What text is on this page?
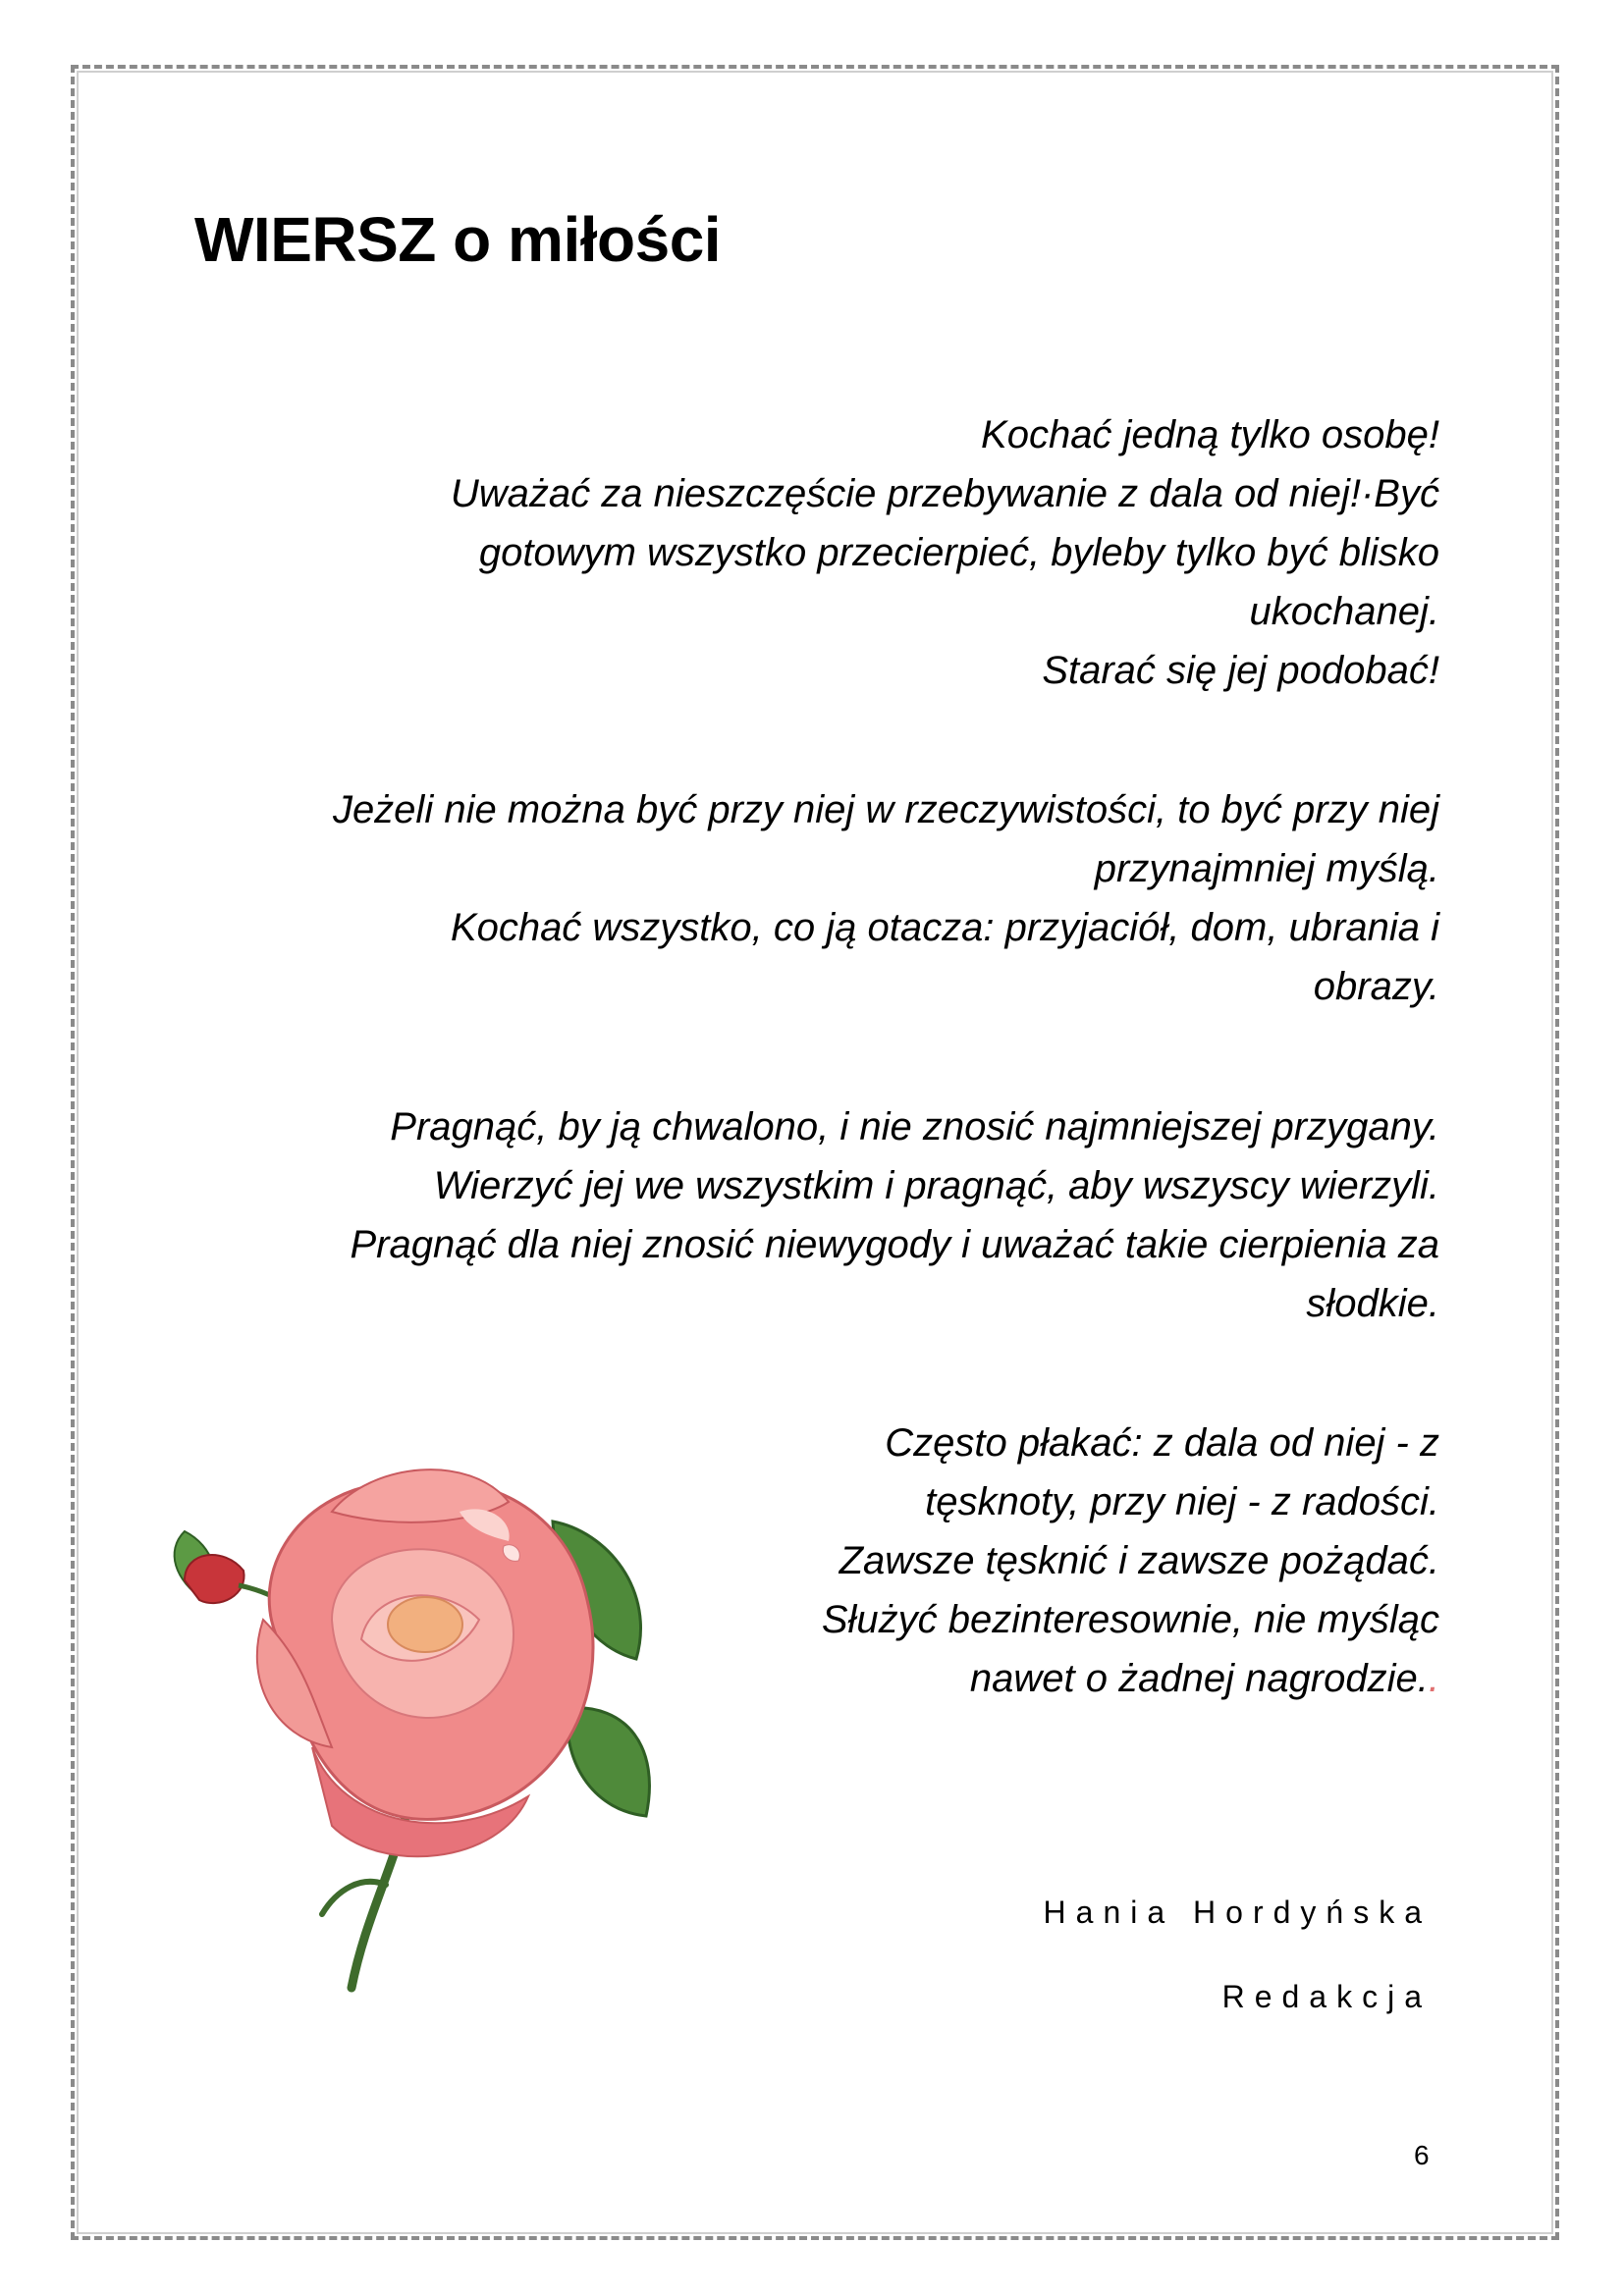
WIERSZ o miłości
Kochać jedną tylko osobę!
Uważać za nieszczęście przebywanie z dala od niej!·Być
gotowym wszystko przecierpieć, byleby tylko być blisko
ukochanej.
Starać się jej podobać!
Jeżeli nie można być przy niej w rzeczywistości, to być przy niej
przynajmniej myślą.
Kochać wszystko, co ją otacza: przyjaciół, dom, ubrania i
obrazy.
Pragnąć, by ją chwalono, i nie znosić najmniejszej przygany.
Wierzyć jej we wszystkim i pragnąć, aby wszyscy wierzyli.
Pragnąć dla niej znosić niewygody i uważać takie cierpienia za
słodkie.
Często płakać: z dala od niej - z
tęsknoty, przy niej - z radości.
Zawsze tęsknić i zawsze pożądać.
Służyć bezinteresownie, nie myśląc
nawet o żadnej nagrodzie..
Hania Hordyńska
Redakcja
6
